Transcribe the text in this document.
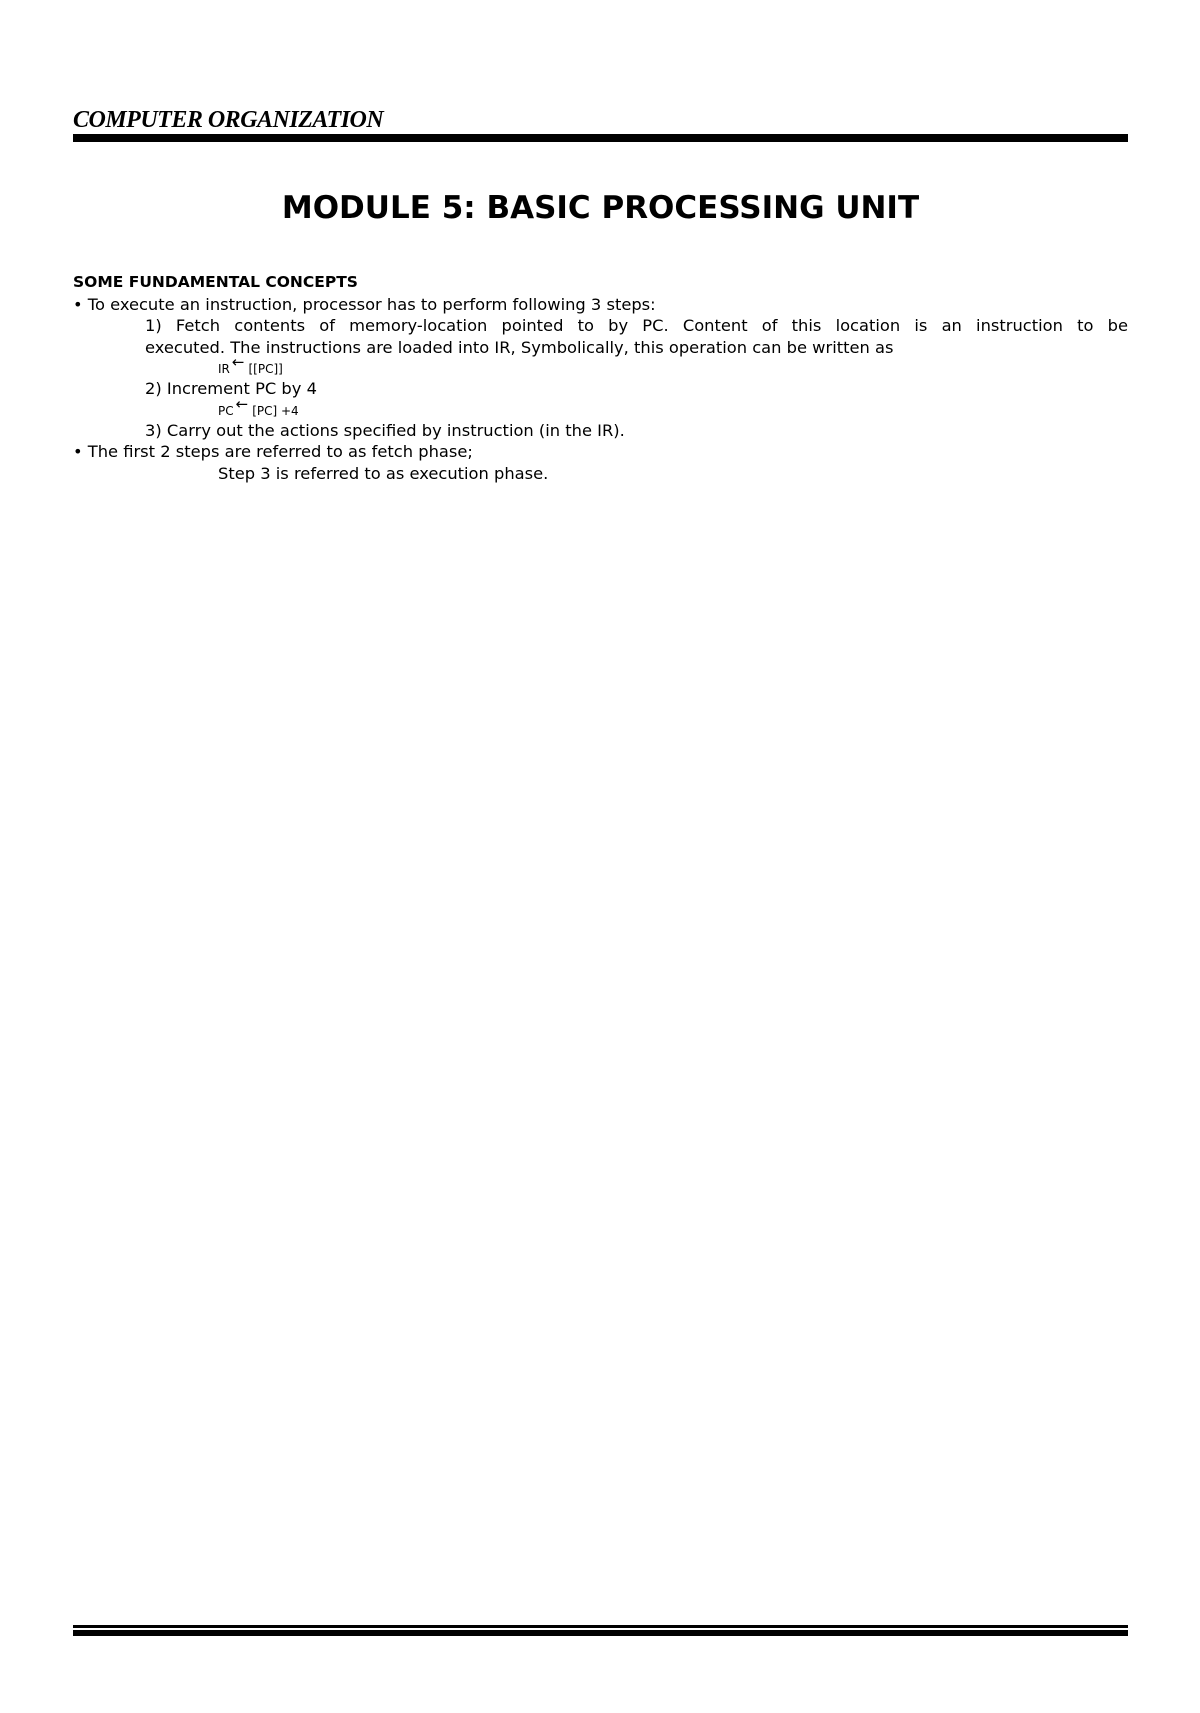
COMPUTER ORGANIZATION
MODULE 5: BASIC PROCESSING UNIT
SOME FUNDAMENTAL CONCEPTS
• To execute an instruction, processor has to perform following 3 steps:
1) Fetch contents of memory-location pointed to by PC. Content of this location is an instruction to be
executed. The instructions are loaded into IR, Symbolically, this operation can be written as
IR ← [[PC]]
2) Increment PC by 4
PC ← [PC] +4
3) Carry out the actions specified by instruction (in the IR).
• The first 2 steps are referred to as fetch phase;
Step 3 is referred to as execution phase.
